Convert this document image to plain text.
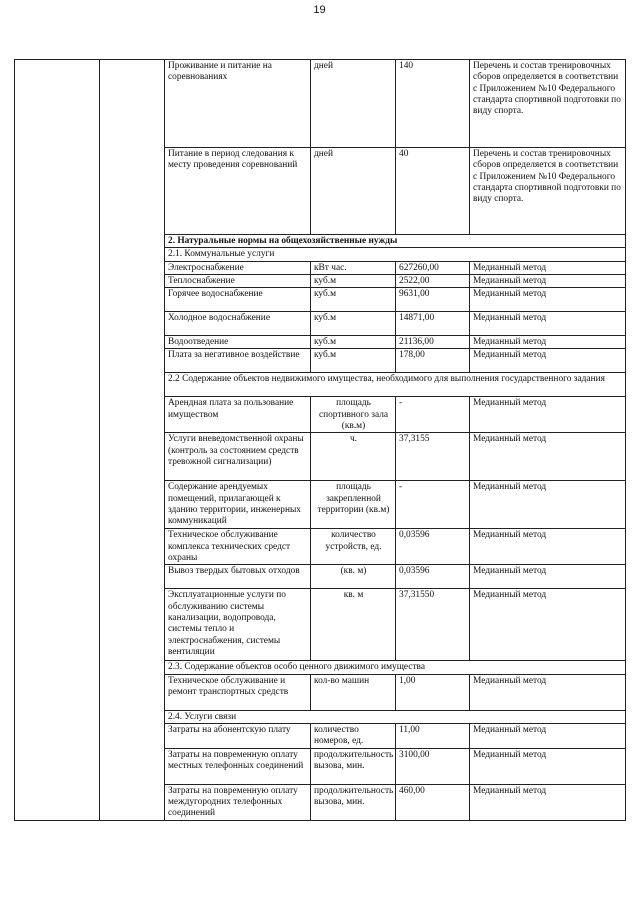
19
		Проживание и питание на соревнованиях	дней	140	Перечень и состав тренировочных сборов определяется в соответствии с Приложением №10 Федерального стандарта спортивной подготовки по виду спорта.
		Питание в период следования к месту проведения соревнований	дней	40	Перечень и состав тренировочных сборов определяется в соответствии с Приложением №10 Федерального стандарта спортивной подготовки по виду спорта.
		2. Натуральные нормы на общехозяйственные нужды			
		2.1. Коммунальные услуги			
		Электроснабжение	кВт час.	627260,00	Медианный метод
		Теплоснабжение	куб.м	2522,00	Медианный метод
		Горячее водоснабжение	куб.м	9631,00	Медианный метод
		Холодное водоснабжение	куб.м	14871,00	Медианный метод
		Водоотведение	куб.м	21136,00	Медианный метод
		Плата за негативное воздействие	куб.м	178,00	Медианный метод
		2.2 Содержание объектов недвижимого имущества, необходимого для выполнения государственного задания			
		Арендная плата за пользование имуществом	площадь спортивного зала (кв.м)	-	Медианный метод
		Услуги вневедомственной охраны (контроль за состоянием средств тревожной сигнализации)	ч.	37,3155	Медианный метод
		Содержание арендуемых помещений, прилагающей к зданию территории, инженерных коммуникаций	площадь закрепленной территории (кв.м)	-	Медианный метод
		Техническое обслуживание комплекса технических средст охраны	количество устройств, ед.	0,03596	Медианный метод
		Вывоз твердых бытовых отходов	(кв. м)	0,03596	Медианный метод
		Эксплуатационные услуги по обслуживанию системы канализации, водопровода, системы тепло и электроснабжения, системы вентиляции	кв. м	37,31550	Медианный метод
		2.3. Содержание объектов особо ценного движимого имущества			
		Техническое обслуживание и ремонт транспортных средств	кол-во машин	1,00	Медианный метод
		2.4. Услуги связи			
		Затраты на абонентскую плату	количество номеров, ед.	11,00	Медианный метод
		Затраты на повременную оплату местных телефонных соединений	продолжительность вызова, мин.	3100,00	Медианный метод
		Затраты на повременную оплату междугородних телефонных соединений	продолжительность вызова, мин.	460,00	Медианный метод
